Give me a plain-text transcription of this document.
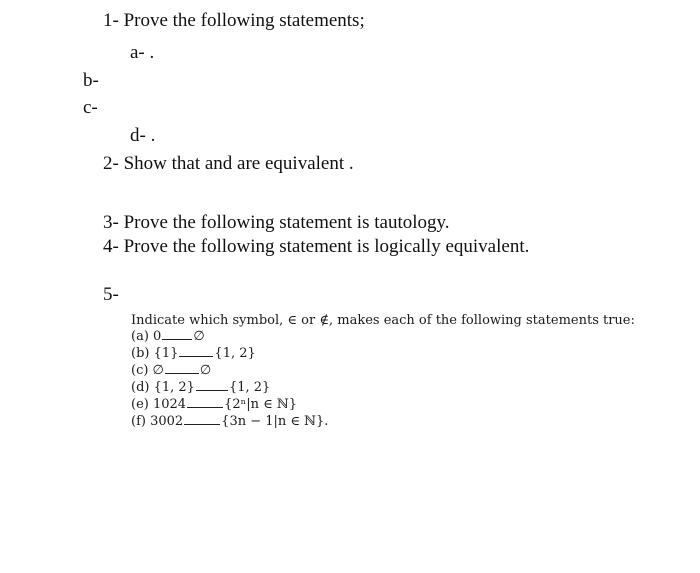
1- Prove the following statements;
a- .
b-
c-
d- .
2- Show that and are equivalent .
3- Prove the following statement is tautology.
4- Prove the following statement is logically equivalent.
5-
Indicate which symbol, ∈ or ∉, makes each of the following statements true:
(a) 0 ∅
(b) {1}	{1, 2}
(c) ∅	∅
(d) {1, 2}	{1, 2}
(e) 1024	{2ⁿ|n ∈ ℕ}
(f) 3002	{3n − 1|n ∈ ℕ}.
